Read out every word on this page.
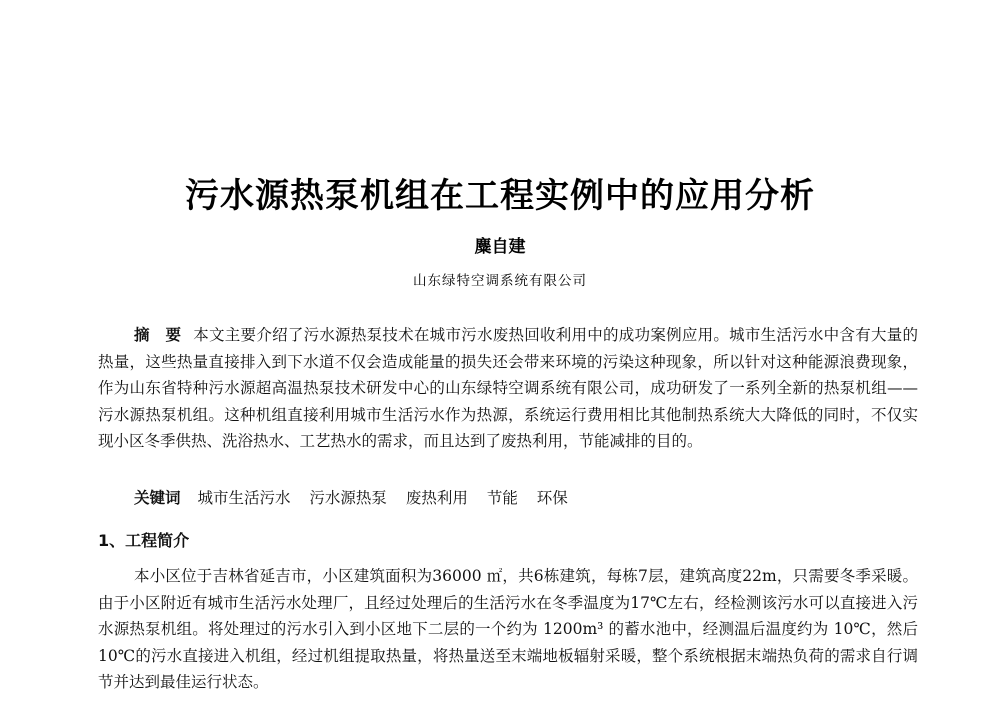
污水源热泵机组在工程实例中的应用分析
麋自建
山东绿特空调系统有限公司

摘　要 本文主要介绍了污水源热泵技术在城市污水废热回收利用中的成功案例应用。城市生活污水中含有大量的热量，这些热量直接排入到下水道不仅会造成能量的损失还会带来环境的污染这种现象，所以针对这种能源浪费现象，作为山东省特种污水源超高温热泵技术研发中心的山东绿特空调系统有限公司，成功研发了一系列全新的热泵机组——污水源热泵机组。这种机组直接利用城市生活污水作为热源，系统运行费用相比其他制热系统大大降低的同时，不仅实现小区冬季供热、洗浴热水、工艺热水的需求，而且达到了废热利用，节能减排的目的。

关键词 城市生活污水 污水源热泵 废热利用 节能 环保

1、工程简介

本小区位于吉林省延吉市，小区建筑面积为36000 ㎡，共6栋建筑，每栋7层，建筑高度22m，只需要冬季采暖。由于小区附近有城市生活污水处理厂，且经过处理后的生活污水在冬季温度为17℃左右，经检测该污水可以直接进入污水源热泵机组。将处理过的污水引入到小区地下二层的一个约为 1200m³ 的蓄水池中，经测温后温度约为 10℃，然后 10℃的污水直接进入机组，经过机组提取热量，将热量送至末端地板辐射采暖，整个系统根据末端热负荷的需求自行调节并达到最佳运行状态。
